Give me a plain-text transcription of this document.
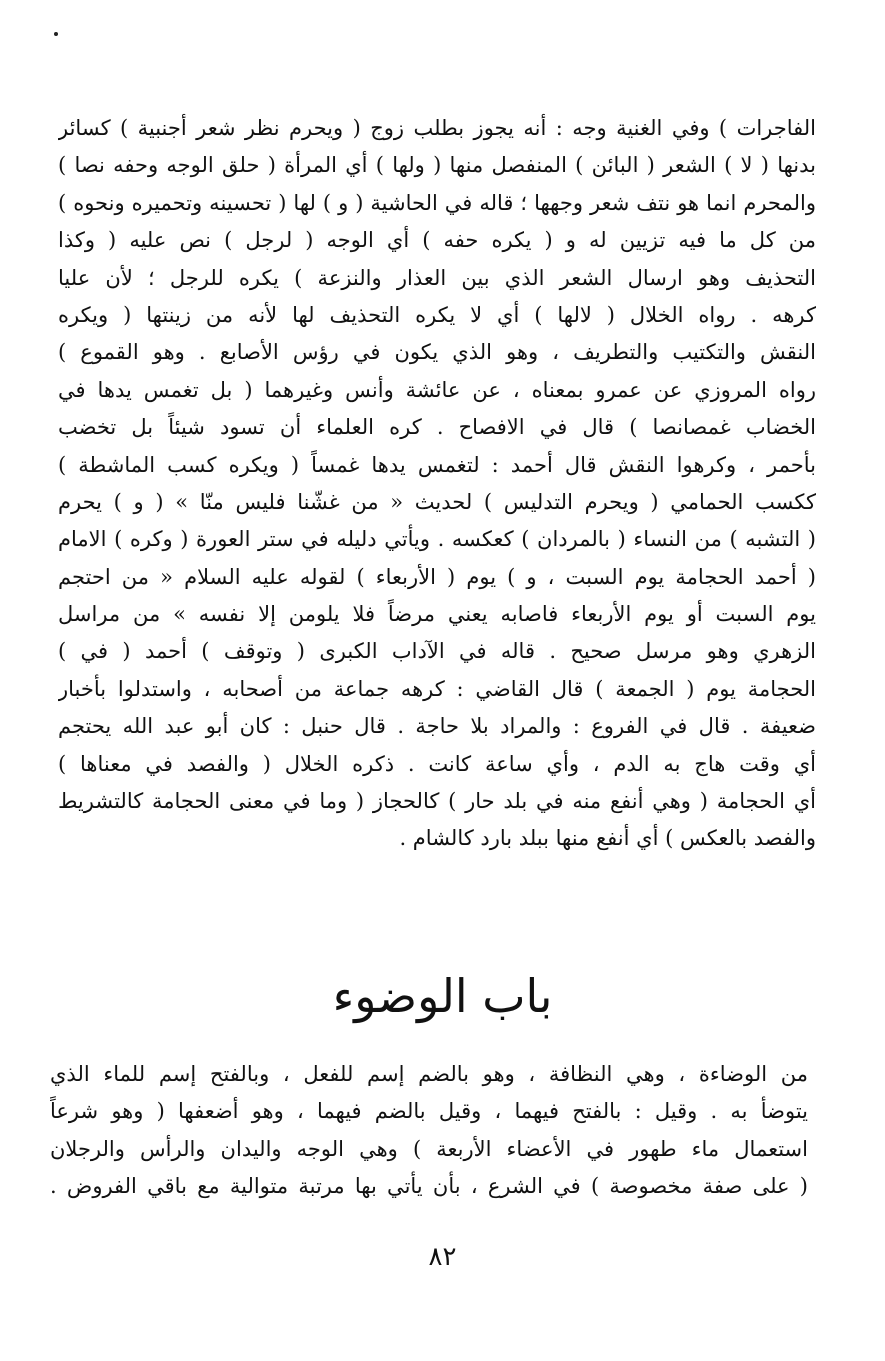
الفاجرات ) وفي الغنية وجه : أنه يجوز بطلب زوج ( ويحرم نظر شعر أجنبية ) كسائر
بدنها ( لا ) الشعر ( البائن ) المنفصل منها ( ولها ) أي المرأة ( حلق الوجه وحفه نصا )
والمحرم انما هو نتف شعر وجهها ؛ قاله في الحاشية ( و ) لها ( تحسينه وتحميره ونحوه )
من كل ما فيه تزيين له و ( يكره حفه ) أي الوجه ( لرجل ) نص عليه ( وكذا
التحذيف وهو ارسال الشعر الذي بين العذار والنزعة ) يكره للرجل ؛ لأن عليا
كرهه . رواه الخلال ( لالها ) أي لا يكره التحذيف لها لأنه من زينتها ( ويكره
النقش والتكتيب والتطريف ، وهو الذي يكون في رؤس الأصابع . وهو القموع )
رواه المروزي عن عمرو بمعناه ، عن عائشة وأنس وغيرهما ( بل تغمس يدها في
الخضاب غمصانصا ) قال في الافصاح . كره العلماء أن تسود شيئاً بل تخضب
بأحمر ، وكرهوا النقش قال أحمد : لتغمس يدها غمساً ( ويكره كسب الماشطة )
ككسب الحمامي ( ويحرم التدليس ) لحديث « من غشّنا فليس منّا » ( و ) يحرم
( التشبه ) من النساء ( بالمردان ) كعكسه . ويأتي دليله في ستر العورة ( وكره ) الامام
( أحمد الحجامة يوم السبت ، و ) يوم ( الأربعاء ) لقوله عليه السلام « من احتجم
يوم السبت أو يوم الأربعاء فاصابه يعني مرضاً فلا يلومن إلا نفسه » من مراسل
الزهري وهو مرسل صحيح . قاله في الآداب الكبرى ( وتوقف ) أحمد ( في )
الحجامة يوم ( الجمعة ) قال القاضي : كرهه جماعة من أصحابه ، واستدلوا بأخبار
ضعيفة . قال في الفروع : والمراد بلا حاجة . قال حنبل : كان أبو عبد الله يحتجم
أي وقت هاج به الدم ، وأي ساعة كانت . ذكره الخلال ( والفصد في معناها )
أي الحجامة ( وهي أنفع منه في بلد حار ) كالحجاز ( وما في معنى الحجامة كالتشريط
والفصد بالعكس ) أي أنفع منها ببلد بارد كالشام .
باب الوضوء
من الوضاءة ، وهي النظافة ، وهو بالضم إسم للفعل ، وبالفتح إسم للماء الذي
يتوضأ به . وقيل : بالفتح فيهما ، وقيل بالضم فيهما ، وهو أضعفها ( وهو شرعاً
استعمال ماء طهور في الأعضاء الأربعة ) وهي الوجه واليدان والرأس والرجلان
( على صفة مخصوصة ) في الشرع ، بأن يأتي بها مرتبة متوالية مع باقي الفروض .
٨٢
